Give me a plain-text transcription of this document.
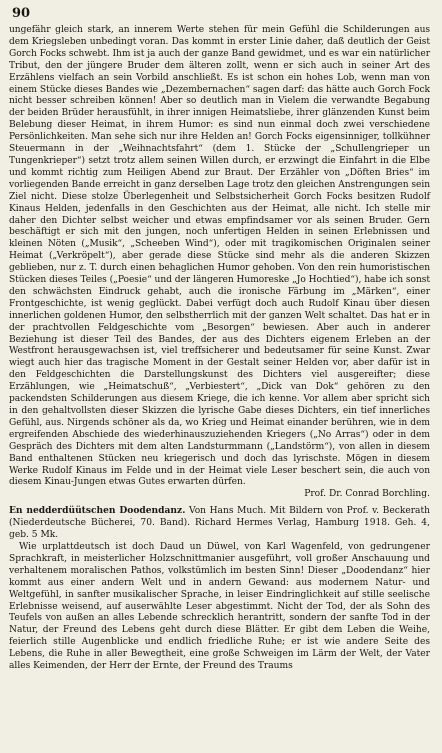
90

ungefähr gleich stark, an innerem Werte stehen für mein Gefühl die Schilderungen aus dem Kriegsleben unbedingt voran. Das kommt in erster Linie daher, daß deutlich der Geist Gorch Focks schwebt. Ihm ist ja auch der ganze Band gewidmet, und es war ein natürlicher Tribut, den der jüngere Bruder dem älteren zollt, wenn er sich auch in seiner Art des Erzählens vielfach an sein Vorbild anschließt. Es ist schon ein hohes Lob, wenn man von einem Stücke dieses Bandes wie „Dezembernachen“ sagen darf: das hätte auch Gorch Fock nicht besser schreiben können! Aber so deutlich man in Vielem die verwandte Begabung der beiden Brüder herausfühlt, in ihrer innigen Heimatsliebe, ihrer glänzenden Kunst beim Belebung dieser Heimat, in ihrem Humor: es sind nun einmal doch zwei verschiedene Persönlichkeiten. Man sehe sich nur ihre Helden an! Gorch Focks eigensinniger, tollkühner Steuermann in der „Weihnachtsfahrt“ (dem 1. Stücke der „Schullengrieper un Tungenkrieper“) setzt trotz allem seinen Willen durch, er erzwingt die Einfahrt in die Elbe und kommt richtig zum Heiligen Abend zur Braut. Der Erzähler von „Döften Bries“ im vorliegenden Bande erreicht in ganz derselben Lage trotz den gleichen Anstrengungen sein Ziel nicht. Diese stolze Überlegenheit und Selbstsicherheit Gorch Focks besitzen Rudolf Kinaus Helden, jedenfalls in den Geschichten aus der Heimat, alle nicht. Ich stelle mir daher den Dichter selbst weicher und etwas empfindsamer vor als seinen Bruder. Gern beschäftigt er sich mit den jungen, noch unfertigen Helden in seinen Erlebnissen und kleinen Nöten („Musik“, „Scheeben Wind“), oder mit tragikomischen Originalen seiner Heimat („Verkröpelt“), aber gerade diese Stücke sind mehr als die anderen Skizzen geblieben, nur z. T. durch einen behaglichen Humor gehoben. Von den rein humoristischen Stücken dieses Teiles („Poesie“ und der längeren Humoreske „Jo Hochtied“), habe ich sonst den schwächsten Eindruck gehabt, auch die ironische Färbung im „Märken“, einer Frontgeschichte, ist wenig geglückt. Dabei verfügt doch auch Rudolf Kinau über diesen innerlichen goldenen Humor, den selbstherrlich mit der ganzen Welt schaltet. Das hat er in der prachtvollen Feldgeschichte vom „Besorgen“ bewiesen. Aber auch in anderer Beziehung ist dieser Teil des Bandes, der aus des Dichters eigenem Erleben an der Westfront herausgewachsen ist, viel treffsicherer und bedeutsamer für seine Kunst. Zwar wiegt auch hier das tragische Moment in der Gestalt seiner Helden vor, aber dafür ist in den Feldgeschichten die Darstellungskunst des Dichters viel ausgereifter; diese Erzählungen, wie „Heimatschuß“, „Verbiestert“, „Dick van Dok“ gehören zu den packendsten Schilderungen aus diesem Kriege, die ich kenne. Vor allem aber spricht sich in den gehaltvollsten dieser Skizzen die lyrische Gabe dieses Dichters, ein tief innerliches Gefühl, aus. Nirgends schöner als da, wo Krieg und Heimat einander berühren, wie in dem ergreifenden Abschiede des wiederhinauszuziehenden Kriegers („No Arras“) oder in dem Gespräch des Dichters mit dem alten Landsturmmann („Landstörm“), von allen in diesem Band enthaltenen Stücken neu kriegerisch und doch das lyrischste. Mögen in diesem Werke Rudolf Kinaus im Felde und in der Heimat viele Leser beschert sein, die auch von diesem Kinau-Jungen etwas Gutes erwarten dürfen.

Prof. Dr. Conrad Borchling.

En nedderdüütschen Doodendanz. Von Hans Much. Mit Bildern von Prof. v. Beckerath (Niederdeutsche Bücherei, 70. Band). Richard Hermes Verlag, Hamburg 1918. Geh. 4, geb. 5 Mk.

Wie urplattdeutsch ist doch Daud un Düwel, von Karl Wagenfeld, von gedrungener Sprachkraft, in meisterlicher Holzschnittmanier ausgeführt, voll großer Anschauung und verhaltenem moralischen Pathos, volkstümlich im besten Sinn! Dieser „Doodendanz“ hier kommt aus einer andern Welt und in andern Gewand: aus modernem Natur- und Weltgefühl, in sanfter musikalischer Sprache, in leiser Eindringlichkeit auf stille seelische Erlebnisse weisend, auf auserwählte Leser abgestimmt. Nicht der Tod, der als Sohn des Teufels von außen an alles Lebende schrecklich herantritt, sondern der sanfte Tod in der Natur, der Freund des Lebens geht durch diese Blätter. Er gibt dem Leben die Weihe, feierlich stille Augenblicke und endlich friedliche Ruhe; er ist wie andere Seite des Lebens, die Ruhe in aller Bewegtheit, eine große Schweigen im Lärm der Welt, der Vater alles Keimenden, der Herr der Ernte, der Freund des Traums
